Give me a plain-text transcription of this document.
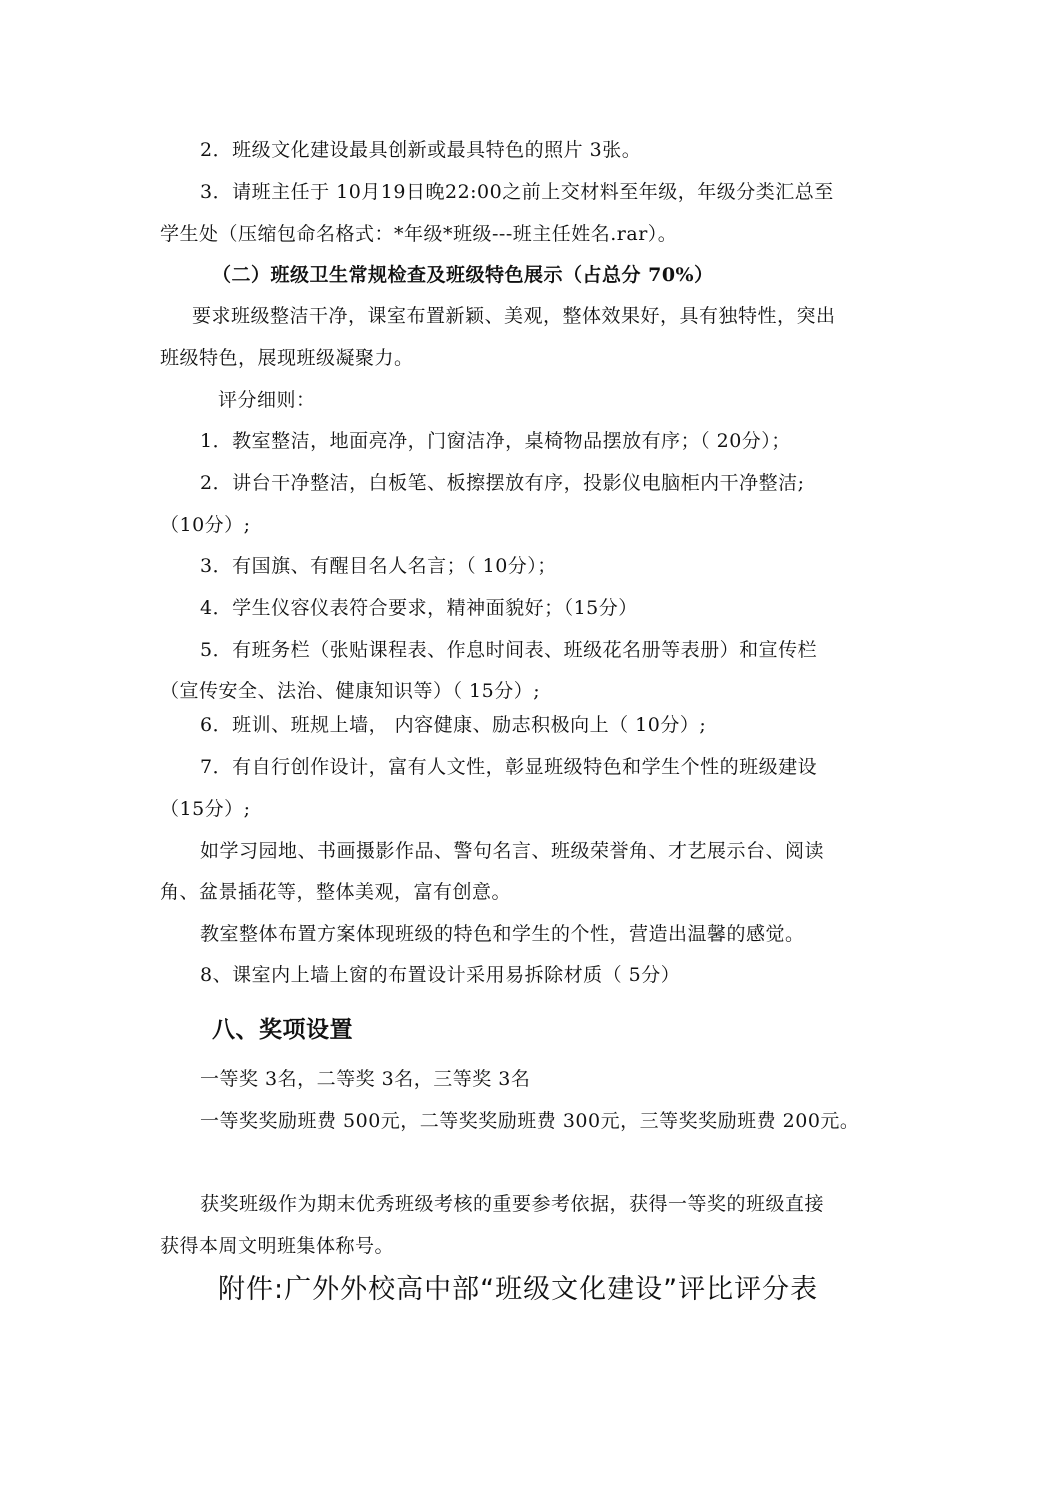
2．班级文化建设最具创新或最具特色的照片 3张。
3．请班主任于 10月19日晚22:00之前上交材料至年级，年级分类汇总至
学生处（压缩包命名格式：*年级*班级---班主任姓名.rar）。
（二）班级卫生常规检查及班级特色展示（占总分 70%）
要求班级整洁干净，课室布置新颖、美观，整体效果好，具有独特性，突出
班级特色，展现班级凝聚力。
评分细则：
1．教室整洁，地面亮净，门窗洁净，桌椅物品摆放有序；（ 20分）；
2．讲台干净整洁，白板笔、板擦摆放有序，投影仪电脑柜内干净整洁;
（10分）;
3．有国旗、有醒目名人名言；（ 10分）；
4．学生仪容仪表符合要求，精神面貌好；（15分）
5．有班务栏（张贴课程表、作息时间表、班级花名册等表册）和宣传栏
（宣传安全、法治、健康知识等）（ 15分）;
6．班训、班规上墙， 内容健康、励志积极向上（ 10分）;
7．有自行创作设计，富有人文性，彰显班级特色和学生个性的班级建设
（15分）;
如学习园地、书画摄影作品、警句名言、班级荣誉角、才艺展示台、阅读
角、盆景插花等，整体美观，富有创意。
教室整体布置方案体现班级的特色和学生的个性，营造出温馨的感觉。
8、课室内上墙上窗的布置设计采用易拆除材质（ 5分）
八、奖项设置
一等奖 3名，二等奖 3名，三等奖 3名
一等奖奖励班费 500元，二等奖奖励班费 300元，三等奖奖励班费 200元。
获奖班级作为期末优秀班级考核的重要参考依据，获得一等奖的班级直接
获得本周文明班集体称号。
附件:广外外校高中部“班级文化建设”评比评分表
